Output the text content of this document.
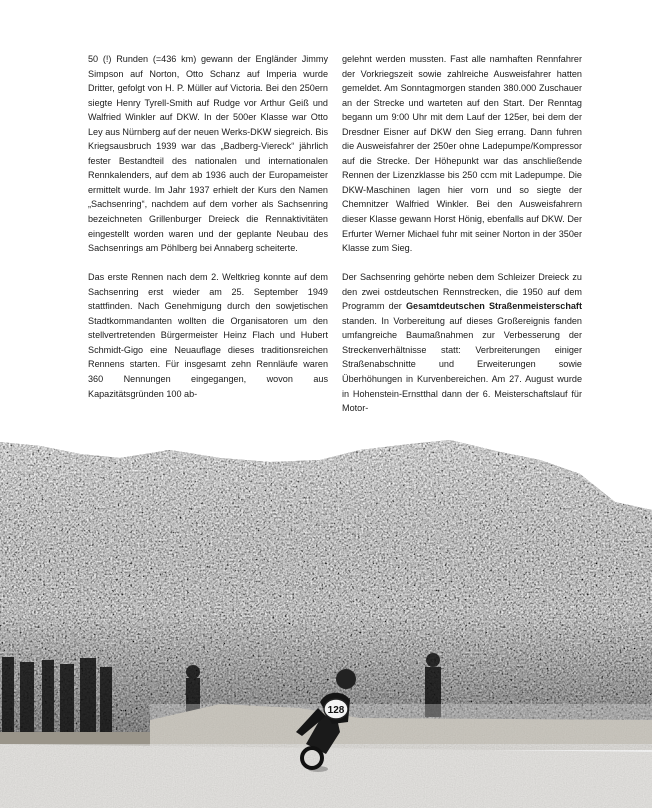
50 (!) Runden (=436 km) gewann der Engländer Jimmy Simpson auf Norton, Otto Schanz auf Imperia wurde Dritter, gefolgt von H. P. Müller auf Victoria. Bei den 250ern siegte Henry Tyrell-Smith auf Rudge vor Arthur Geiß und Walfried Winkler auf DKW. In der 500er Klasse war Otto Ley aus Nürnberg auf der neuen Werks-DKW siegreich. Bis Kriegsausbruch 1939 war das „Badberg-Viereck“ jährlich fester Bestandteil des nationalen und internationalen Rennkalenders, auf dem ab 1936 auch der Europameister ermittelt wurde. Im Jahr 1937 erhielt der Kurs den Namen „Sachsenring“, nachdem auf dem vorher als Sachsenring bezeichneten Grillenburger Dreieck die Rennaktivitäten eingestellt worden waren und der geplante Neubau des Sachsenrings am Pöhlberg bei Annaberg scheiterte.

Das erste Rennen nach dem 2. Weltkrieg konnte auf dem Sachsenring erst wieder am 25. September 1949 stattfinden. Nach Genehmigung durch den sowjetischen Stadtkommandanten wollten die Organisatoren um den stellvertretenden Bürgermeister Heinz Flach und Hubert Schmidt-Gigo eine Neuauflage dieses traditionsreichen Rennens starten. Für insgesamt zehn Rennläufe waren 360 Nennungen eingegangen, wovon aus Kapazitätsgründen 100 ab-

gelehnt werden mussten. Fast alle namhaften Rennfahrer der Vorkriegszeit sowie zahlreiche Ausweisfahrer hatten gemeldet. Am Sonntagmorgen standen 380.000 Zuschauer an der Strecke und warteten auf den Start. Der Renntag begann um 9:00 Uhr mit dem Lauf der 125er, bei dem der Dresdner Eisner auf DKW den Sieg errang. Dann fuhren die Ausweisfahrer der 250er ohne Ladepumpe/Kompressor auf die Strecke. Der Höhepunkt war das anschließende Rennen der Lizenzklasse bis 250 ccm mit Ladepumpe. Die DKW-Maschinen lagen hier vorn und so siegte der Chemnitzer Walfried Winkler. Bei den Ausweisfahrern dieser Klasse gewann Horst Hönig, ebenfalls auf DKW. Der Erfurter Werner Michael fuhr mit seiner Norton in der 350er Klasse zum Sieg.

Der Sachsenring gehörte neben dem Schleizer Dreieck zu den zwei ostdeutschen Rennstrecken, die 1950 auf dem Programm der Gesamtdeutschen Straßenmeisterschaft standen. In Vorbereitung auf dieses Großereignis fanden umfangreiche Baumaßnahmen zur Verbesserung der Streckenverhältnisse statt: Verbreiterungen einiger Straßenabschnitte und Erweiterungen sowie Überhöhungen in Kurvenbereichen. Am 27. August wurde in Hohenstein-Ernstthal dann der 6. Meisterschaftslauf für Motor-

128
